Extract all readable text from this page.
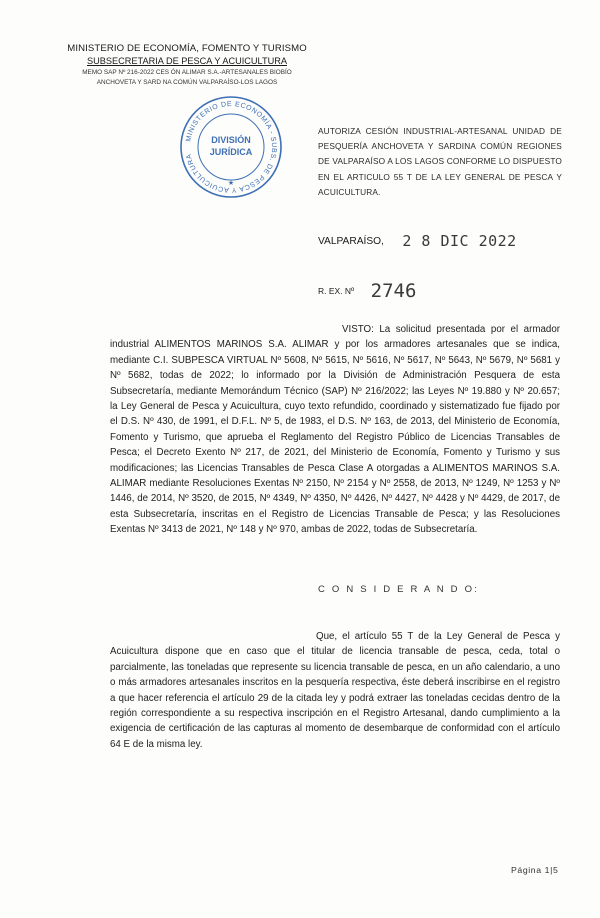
MINISTERIO DE ECONOMÍA, FOMENTO Y TURISMO
SUBSECRETARIA DE PESCA Y ACUICULTURA
MEMO SAP Nº 216-2022 CES ÓN ALIMAR S.A.-ARTESANALES BIOBÍO
ANCHOVETA Y SARD NA COMÚN VALPARAÍSO-LOS LAGOS
MINISTERIO DE ECONOMÍA - SUBS. DE PESCA Y ACUICULTURA
DIVISIÓN
JURÍDICA
★
AUTORIZA CESIÓN INDUSTRIAL-ARTESANAL UNIDAD DE PESQUERÍA ANCHOVETA Y SARDINA COMÚN REGIONES DE VALPARAÍSO A LOS LAGOS CONFORME LO DISPUESTO EN EL ARTICULO 55 T DE LA LEY GENERAL DE PESCA Y ACUICULTURA.
VALPARAÍSO, 2 8 DIC 2022
R. EX. Nº 2746
VISTO: La solicitud presentada por el armador industrial ALIMENTOS MARINOS S.A. ALIMAR y por los armadores artesanales que se indica, mediante C.I. SUBPESCA VIRTUAL Nº 5608, Nº 5615, Nº 5616, Nº 5617, Nº 5643, Nº 5679, Nº 5681 y Nº 5682, todas de 2022; lo informado por la División de Administración Pesquera de esta Subsecretaría, mediante Memorándum Técnico (SAP) Nº 216/2022; las Leyes Nº 19.880 y Nº 20.657; la Ley General de Pesca y Acuicultura, cuyo texto refundido, coordinado y sistematizado fue fijado por el D.S. Nº 430, de 1991, el D.F.L. Nº 5, de 1983, el D.S. Nº 163, de 2013, del Ministerio de Economía, Fomento y Turismo, que aprueba el Reglamento del Registro Público de Licencias Transables de Pesca; el Decreto Exento Nº 217, de 2021, del Ministerio de Economía, Fomento y Turismo y sus modificaciones; las Licencias Transables de Pesca Clase A otorgadas a ALIMENTOS MARINOS S.A. ALIMAR mediante Resoluciones Exentas Nº 2150, Nº 2154 y Nº 2558, de 2013, Nº 1249, Nº 1253 y Nº 1446, de 2014, Nº 3520, de 2015, Nº 4349, Nº 4350, Nº 4426, Nº 4427, Nº 4428 y Nº 4429, de 2017, de esta Subsecretaría, inscritas en el Registro de Licencias Transable de Pesca; y las Resoluciones Exentas Nº 3413 de 2021, Nº 148 y Nº 970, ambas de 2022, todas de Subsecretaría.
C O N S I D E R A N D O:
Que, el artículo 55 T de la Ley General de Pesca y Acuicultura dispone que en caso que el titular de licencia transable de pesca, ceda, total o parcialmente, las toneladas que represente su licencia transable de pesca, en un año calendario, a uno o más armadores artesanales inscritos en la pesquería respectiva, éste deberá inscribirse en el registro a que hacer referencia el artículo 29 de la citada ley y podrá extraer las toneladas cecidas dentro de la región correspondiente a su respectiva inscripción en el Registro Artesanal, dando cumplimiento a la exigencia de certificación de las capturas al momento de desembarque de conformidad con el artículo 64 E de la misma ley.
Página 1|5
